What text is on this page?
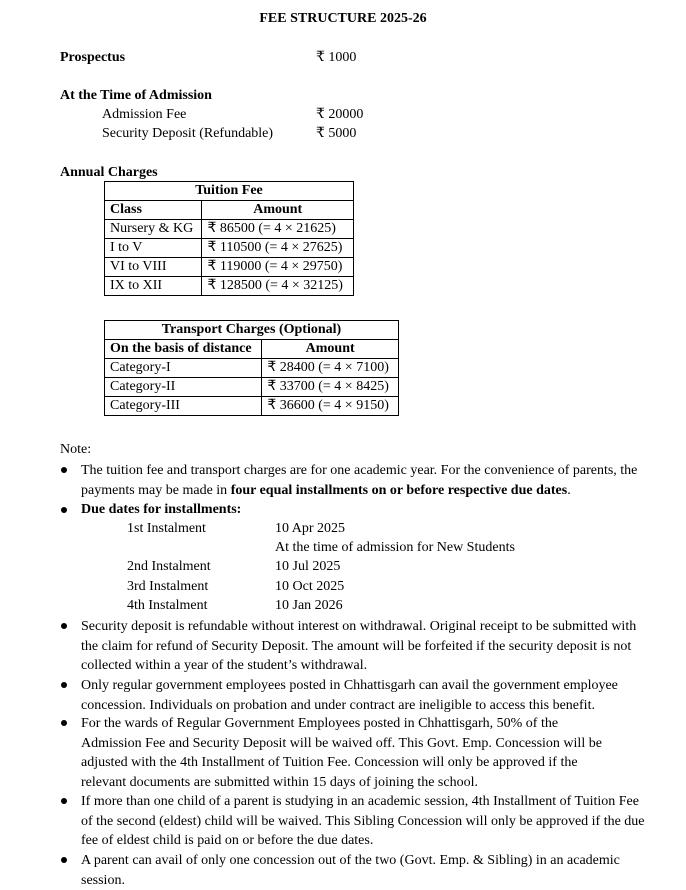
FEE STRUCTURE 2025-26
Prospectus	₹ 1000
At the Time of Admission
Admission Fee	₹ 20000
Security Deposit (Refundable)	₹ 5000
Annual Charges
Tuition Fee	
Class	Amount
Nursery & KG	₹ 86500 (= 4 × 21625)
I to V	₹ 110500 (= 4 × 27625)
VI to VIII	₹ 119000 (= 4 × 29750)
IX to XII	₹ 128500 (= 4 × 32125)
Transport Charges (Optional)	
On the basis of distance	Amount
Category-I	₹ 28400 (= 4 × 7100)
Category-II	₹ 33700 (= 4 × 8425)
Category-III	₹ 36600 (= 4 × 9150)
Note:
The tuition fee and transport charges are for one academic year. For the convenience of parents, the payments may be made in four equal installments on or before respective due dates.
Due dates for installments:
1st Instalment	10 Apr 2025
At the time of admission for New Students
2nd Instalment	10 Jul 2025
3rd Instalment	10 Oct 2025
4th Instalment	10 Jan 2026
Security deposit is refundable without interest on withdrawal. Original receipt to be submitted with the claim for refund of Security Deposit. The amount will be forfeited if the security deposit is not collected within a year of the student’s withdrawal.
Only regular government employees posted in Chhattisgarh can avail the government employee concession. Individuals on probation and under contract are ineligible to access this benefit.
For the wards of Regular Government Employees posted in Chhattisgarh, 50% of the Admission Fee and Security Deposit will be waived off. This Govt. Emp. Concession will be adjusted with the 4th Installment of Tuition Fee. Concession will only be approved if the relevant documents are submitted within 15 days of joining the school.
If more than one child of a parent is studying in an academic session, 4th Installment of Tuition Fee of the second (eldest) child will be waived. This Sibling Concession will only be approved if the due fee of eldest child is paid on or before the due dates.
A parent can avail of only one concession out of the two (Govt. Emp. & Sibling) in an academic session.
